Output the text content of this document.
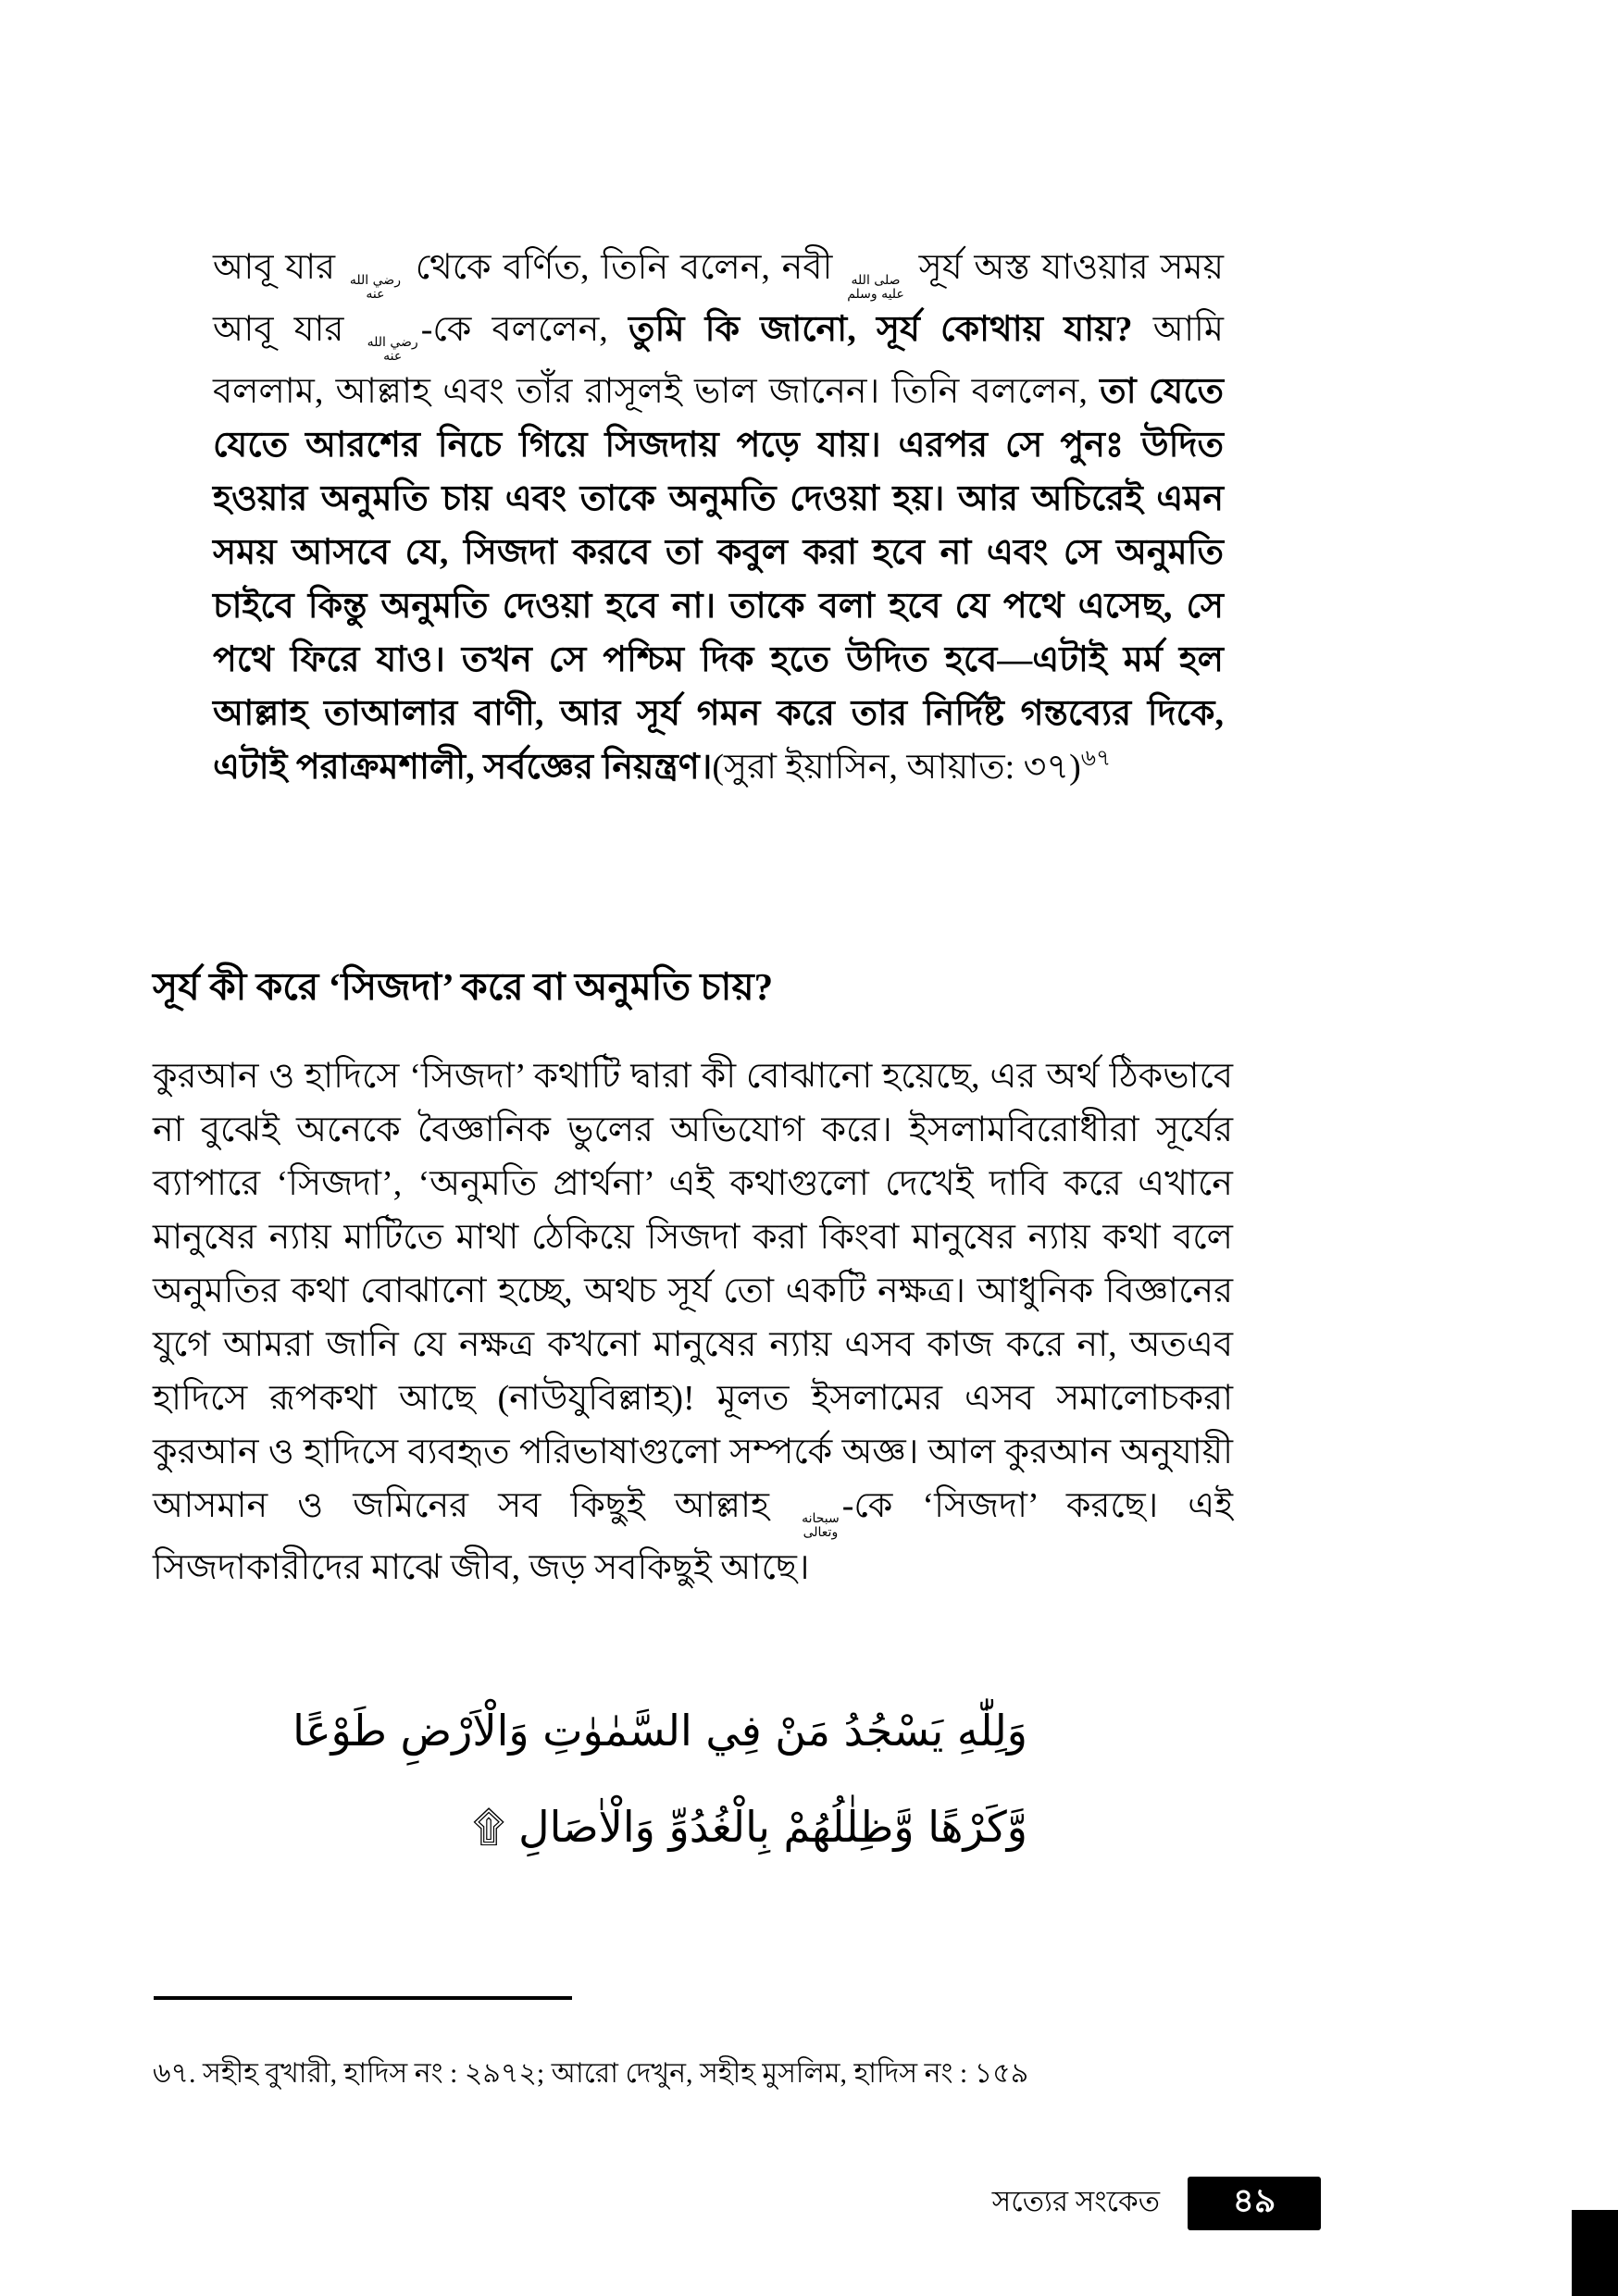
আবূ যার رضي الله
عنه
থেকে বর্ণিত, তিনি বলেন, নবী صلى الله
عليه وسلم
সূর্য অস্ত যাওয়ার সময় আবূ যার رضي الله
عنه
-কে বললেন, তুমি কি জানো, সূর্য কোথায় যায়? আমি বললাম, আল্লাহ এবং তাঁর রাসূলই ভাল জানেন। তিনি বললেন, তা যেতে যেতে আরশের নিচে গিয়ে সিজদায় পড়ে যায়। এরপর সে পুনঃ উদিত হওয়ার অনুমতি চায় এবং তাকে অনুমতি দেওয়া হয়। আর অচিরেই এমন সময় আসবে যে, সিজদা করবে তা কবুল করা হবে না এবং সে অনুমতি চাইবে কিন্তু অনুমতি দেওয়া হবে না। তাকে বলা হবে যে পথে এসেছ, সে পথে ফিরে যাও। তখন সে পশ্চিম দিক হতে উদিত হবে—এটাই মর্ম হল আল্লাহ তাআলার বাণী, আর সূর্য গমন করে তার নির্দিষ্ট গন্তব্যের দিকে, এটাই পরাক্রমশালী, সর্বজ্ঞের নিয়ন্ত্রণ।(সুরা ইয়াসিন, আয়াত: ৩৭)$^{৬৭}$

সূর্য কী করে ‘সিজদা’ করে বা অনুমতি চায়?

কুরআন ও হাদিসে ‘সিজদা’ কথাটি দ্বারা কী বোঝানো হয়েছে, এর অর্থ ঠিকভাবে না বুঝেই অনেকে বৈজ্ঞানিক ভুলের অভিযোগ করে। ইসলামবিরোধীরা সূর্যের ব্যাপারে ‘সিজদা’, ‘অনুমতি প্রার্থনা’ এই কথাগুলো দেখেই দাবি করে এখানে মানুষের ন্যায় মাটিতে মাথা ঠেকিয়ে সিজদা করা কিংবা মানুষের ন্যায় কথা বলে অনুমতির কথা বোঝানো হচ্ছে, অথচ সূর্য তো একটি নক্ষত্র। আধুনিক বিজ্ঞানের যুগে আমরা জানি যে নক্ষত্র কখনো মানুষের ন্যায় এসব কাজ করে না, অতএব হাদিসে রূপকথা আছে (নাউযুবিল্লাহ)! মূলত ইসলামের এসব সমালোচকরা কুরআন ও হাদিসে ব্যবহৃত পরিভাষাগুলো সম্পর্কে অজ্ঞ। আল কুরআন অনুযায়ী আসমান ও জমিনের সব কিছুই আল্লাহ سبحانه
وتعالى
-কে ‘সিজদা’ করছে। এই সিজদাকারীদের মাঝে জীব, জড় সবকিছুই আছে।

وَلِلّٰهِ يَسْجُدُ مَنْ فِي السَّمٰوٰتِ وَالْاَرْضِ طَوْعًا وَّكَرْهًا وَّظِلٰلُهُمْ بِالْغُدُوِّ وَالْاٰصَالِ ۩

৬৭. সহীহ বুখারী, হাদিস নং : ২৯৭২; আরো দেখুন, সহীহ মুসলিম, হাদিস নং : ১৫৯

সত্যের সংকেত	৪৯
